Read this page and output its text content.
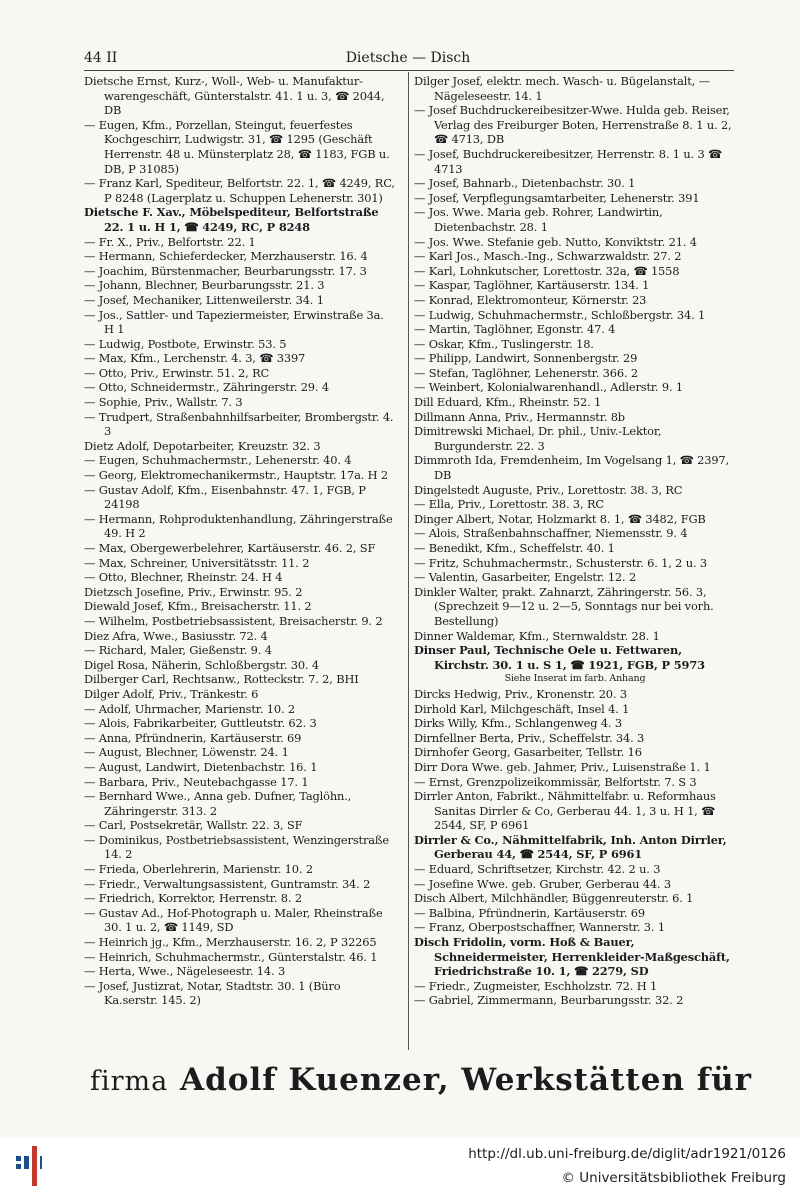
44 II	Dietsche — Disch
Dietsche Ernst, Kurz-, Woll-, Web- u. Manufaktur-warengeschäft, Günterstalstr. 41. 1 u. 3, ☎ 2044, DB
— Eugen, Kfm., Porzellan, Steingut, feuerfestes Kochgeschirr, Ludwigstr. 31, ☎ 1295 (Geschäft Herrenstr. 48 u. Münsterplatz 28, ☎ 1183, FGB u. DB, P 31085)
— Franz Karl, Spediteur, Belfortstr. 22. 1, ☎ 4249, RC, P 8248 (Lagerplatz u. Schuppen Lehenerstr. 301)
Dietsche F. Xav., Möbelspediteur, Belfortstraße 22. 1 u. H 1, ☎ 4249, RC, P 8248
— Fr. X., Priv., Belfortstr. 22. 1
— Hermann, Schieferdecker, Merzhauserstr. 16. 4
— Joachim, Bürstenmacher, Beurbarungsstr. 17. 3
— Johann, Blechner, Beurbarungsstr. 21. 3
— Josef, Mechaniker, Littenweilerstr. 34. 1
— Jos., Sattler- und Tapeziermeister, Erwinstraße 3a. H 1
— Ludwig, Postbote, Erwinstr. 53. 5
— Max, Kfm., Lerchenstr. 4. 3, ☎ 3397
— Otto, Priv., Erwinstr. 51. 2, RC
— Otto, Schneidermstr., Zähringerstr. 29. 4
— Sophie, Priv., Wallstr. 7. 3
— Trudpert, Straßenbahnhilfsarbeiter, Brombergstr. 4. 3
Dietz Adolf, Depotarbeiter, Kreuzstr. 32. 3
— Eugen, Schuhmachermstr., Lehenerstr. 40. 4
— Georg, Elektromechanikermstr., Hauptstr. 17a. H 2
— Gustav Adolf, Kfm., Eisenbahnstr. 47. 1, FGB, P 24198
— Hermann, Rohproduktenhandlung, Zähringerstraße 49. H 2
— Max, Obergewerbelehrer, Kartäuserstr. 46. 2, SF
— Max, Schreiner, Universitätsstr. 11. 2
— Otto, Blechner, Rheinstr. 24. H 4
Dietzsch Josefine, Priv., Erwinstr. 95. 2
Diewald Josef, Kfm., Breisacherstr. 11. 2
— Wilhelm, Postbetriebsassistent, Breisacherstr. 9. 2
Diez Afra, Wwe., Basiusstr. 72. 4
— Richard, Maler, Gießenstr. 9. 4
Digel Rosa, Näherin, Schloßbergstr. 30. 4
Dilberger Carl, Rechtsanw., Rotteckstr. 7. 2, BHI
Dilger Adolf, Priv., Tränkestr. 6
— Adolf, Uhrmacher, Marienstr. 10. 2
— Alois, Fabrikarbeiter, Guttleutstr. 62. 3
— Anna, Pfründnerin, Kartäuserstr. 69
— August, Blechner, Löwenstr. 24. 1
— August, Landwirt, Dietenbachstr. 16. 1
— Barbara, Priv., Neutebachgasse 17. 1
— Bernhard Wwe., Anna geb. Dufner, Taglöhn., Zähringerstr. 313. 2
— Carl, Postsekretär, Wallstr. 22. 3, SF
— Dominikus, Postbetriebsassistent, Wenzingerstraße 14. 2
— Frieda, Oberlehrerin, Marienstr. 10. 2
— Friedr., Verwaltungsassistent, Guntramstr. 34. 2
— Friedrich, Korrektor, Herrenstr. 8. 2
— Gustav Ad., Hof-Photograph u. Maler, Rheinstraße 30. 1 u. 2, ☎ 1149, SD
— Heinrich jg., Kfm., Merzhauserstr. 16. 2, P 32265
— Heinrich, Schuhmachermstr., Günterstalstr. 46. 1
— Herta, Wwe., Nägeleseestr. 14. 3
— Josef, Justizrat, Notar, Stadtstr. 30. 1 (Büro Ka.serstr. 145. 2)
Dilger Josef, elektr. mech. Wasch- u. Bügelanstalt, — Nägeleseestr. 14. 1
— Josef Buchdruckereibesitzer-Wwe. Hulda geb. Reiser, Verlag des Freiburger Boten, Herrenstraße 8. 1 u. 2, ☎ 4713, DB
— Josef, Buchdruckereibesitzer, Herrenstr. 8. 1 u. 3 ☎ 4713
— Josef, Bahnarb., Dietenbachstr. 30. 1
— Josef, Verpflegungsamtarbeiter, Lehenerstr. 391
— Jos. Wwe. Maria geb. Rohrer, Landwirtin, Dietenbachstr. 28. 1
— Jos. Wwe. Stefanie geb. Nutto, Konviktstr. 21. 4
— Karl Jos., Masch.-Ing., Schwarzwaldstr. 27. 2
— Karl, Lohnkutscher, Lorettostr. 32a, ☎ 1558
— Kaspar, Taglöhner, Kartäuserstr. 134. 1
— Konrad, Elektromonteur, Körnerstr. 23
— Ludwig, Schuhmachermstr., Schloßbergstr. 34. 1
— Martin, Taglöhner, Egonstr. 47. 4
— Oskar, Kfm., Tuslingerstr. 18.
— Philipp, Landwirt, Sonnenbergstr. 29
— Stefan, Taglöhner, Lehenerstr. 366. 2
— Weinbert, Kolonialwarenhandl., Adlerstr. 9. 1
Dill Eduard, Kfm., Rheinstr. 52. 1
Dillmann Anna, Priv., Hermannstr. 8b
Dimitrewski Michael, Dr. phil., Univ.-Lektor, Burgunderstr. 22. 3
Dimmroth Ida, Fremdenheim, Im Vogelsang 1, ☎ 2397, DB
Dingelstedt Auguste, Priv., Lorettostr. 38. 3, RC
— Ella, Priv., Lorettostr. 38. 3, RC
Dinger Albert, Notar, Holzmarkt 8. 1, ☎ 3482, FGB
— Alois, Straßenbahnschaffner, Niemensstr. 9. 4
— Benedikt, Kfm., Scheffelstr. 40. 1
— Fritz, Schuhmachermstr., Schusterstr. 6. 1, 2 u. 3
— Valentin, Gasarbeiter, Engelstr. 12. 2
Dinkler Walter, prakt. Zahnarzt, Zähringerstr. 56. 3, (Sprechzeit 9—12 u. 2—5, Sonntags nur bei vorh. Bestellung)
Dinner Waldemar, Kfm., Sternwaldstr. 28. 1
Dinser Paul, Technische Oele u. Fettwaren, Kirchstr. 30. 1 u. S 1, ☎ 1921, FGB, P 5973
Siehe Inserat im farb. Anhang
Dircks Hedwig, Priv., Kronenstr. 20. 3
Dirhold Karl, Milchgeschäft, Insel 4. 1
Dirks Willy, Kfm., Schlangenweg 4. 3
Dirnfellner Berta, Priv., Scheffelstr. 34. 3
Dirnhofer Georg, Gasarbeiter, Tellstr. 16
Dirr Dora Wwe. geb. Jahmer, Priv., Luisenstraße 1. 1
— Ernst, Grenzpolizeikommissär, Belfortstr. 7. S 3
Dirrler Anton, Fabrikt., Nähmittelfabr. u. Reformhaus Sanitas Dirrler & Co, Gerberau 44. 1, 3 u. H 1, ☎ 2544, SF, P 6961
Dirrler & Co., Nähmittelfabrik, Inh. Anton Dirrler, Gerberau 44, ☎ 2544, SF, P 6961
— Eduard, Schriftsetzer, Kirchstr. 42. 2 u. 3
— Josefine Wwe. geb. Gruber, Gerberau 44. 3
Disch Albert, Milchhändler, Büggenreuterstr. 6. 1
— Balbina, Pfründnerin, Kartäuserstr. 69
— Franz, Oberpostschaffner, Wannerstr. 3. 1
Disch Fridolin, vorm. Hoß & Bauer, Schneidermeister, Herrenkleider-Maßgeschäft, Friedrichstraße 10. 1, ☎ 2279, SD
— Friedr., Zugmeister, Eschholzstr. 72. H 1
— Gabriel, Zimmermann, Beurbarungsstr. 32. 2
firma Adolf Kuenzer, Werkstätten für
http://dl.ub.uni-freiburg.de/diglit/adr1921/0126
© Universitätsbibliothek Freiburg
